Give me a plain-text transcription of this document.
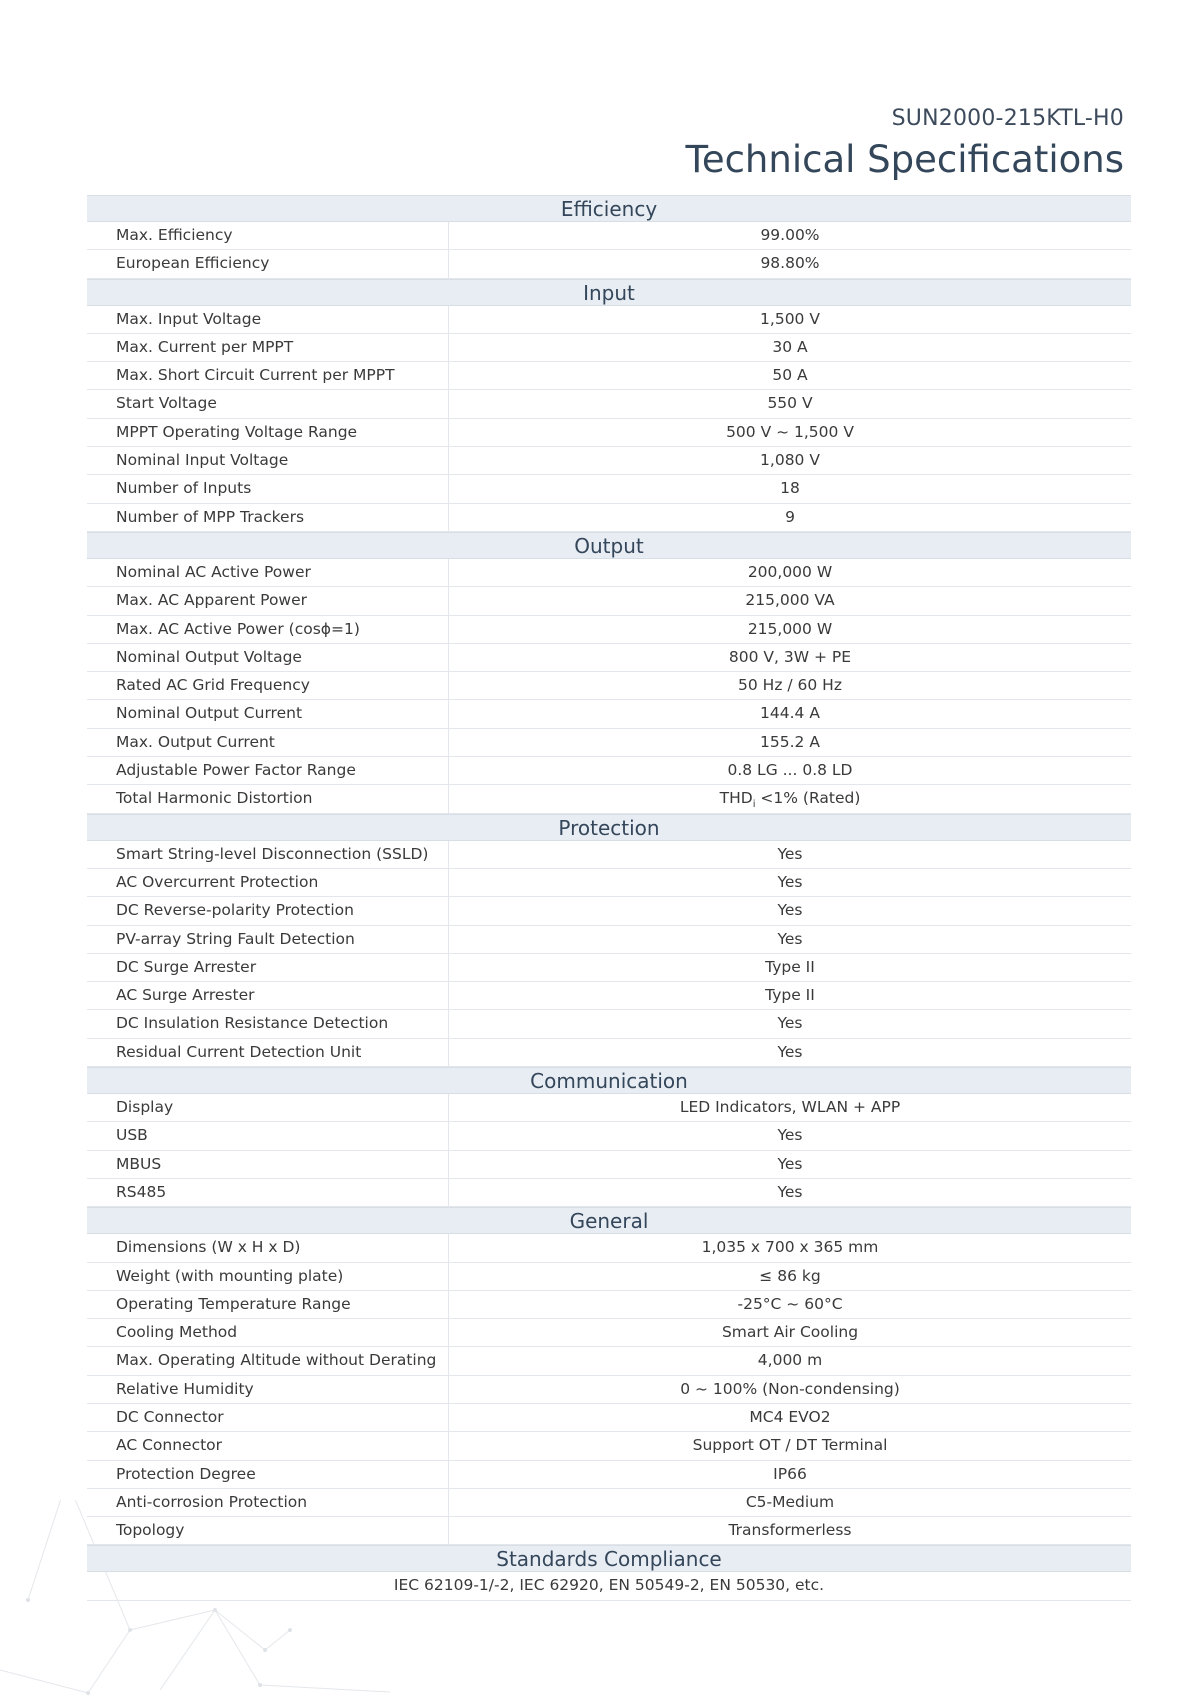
SUN2000-215KTL-H0
Technical Specifications
Efficiency
Max. Efficiency	99.00%
European Efficiency	98.80%
Input
Max. Input Voltage	1,500 V
Max. Current per MPPT	30 A
Max. Short Circuit Current per MPPT	50 A
Start Voltage	550 V
MPPT Operating Voltage Range	500 V ~ 1,500 V
Nominal Input Voltage	1,080 V
Number of Inputs	18
Number of MPP Trackers	9
Output
Nominal AC Active Power	200,000 W
Max. AC Apparent Power	215,000 VA
Max. AC Active Power (cosϕ=1)	215,000 W
Nominal Output Voltage	800 V, 3W + PE
Rated AC Grid Frequency	50 Hz / 60 Hz
Nominal Output Current	144.4 A
Max. Output Current	155.2 A
Adjustable Power Factor Range	0.8 LG ... 0.8 LD
Total Harmonic Distortion	$THD_i <1\%$ (Rated)
Protection
Smart String-level Disconnection (SSLD)	Yes
AC Overcurrent Protection	Yes
DC Reverse-polarity Protection	Yes
PV-array String Fault Detection	Yes
DC Surge Arrester	Type II
AC Surge Arrester	Type II
DC Insulation Resistance Detection	Yes
Residual Current Detection Unit	Yes
Communication
Display	LED Indicators, WLAN + APP
USB	Yes
MBUS	Yes
RS485	Yes
General
Dimensions (W x H x D)	1,035 x 700 x 365 mm
Weight (with mounting plate)	≤ 86 kg
Operating Temperature Range	-25°C ~ 60°C
Cooling Method	Smart Air Cooling
Max. Operating Altitude without Derating	4,000 m
Relative Humidity	0 ~ 100% (Non-condensing)
DC Connector	MC4 EVO2
AC Connector	Support OT / DT Terminal
Protection Degree	IP66
Anti-corrosion Protection	C5-Medium
Topology	Transformerless
Standards Compliance
IEC 62109-1/-2, IEC 62920, EN 50549-2, EN 50530, etc.
